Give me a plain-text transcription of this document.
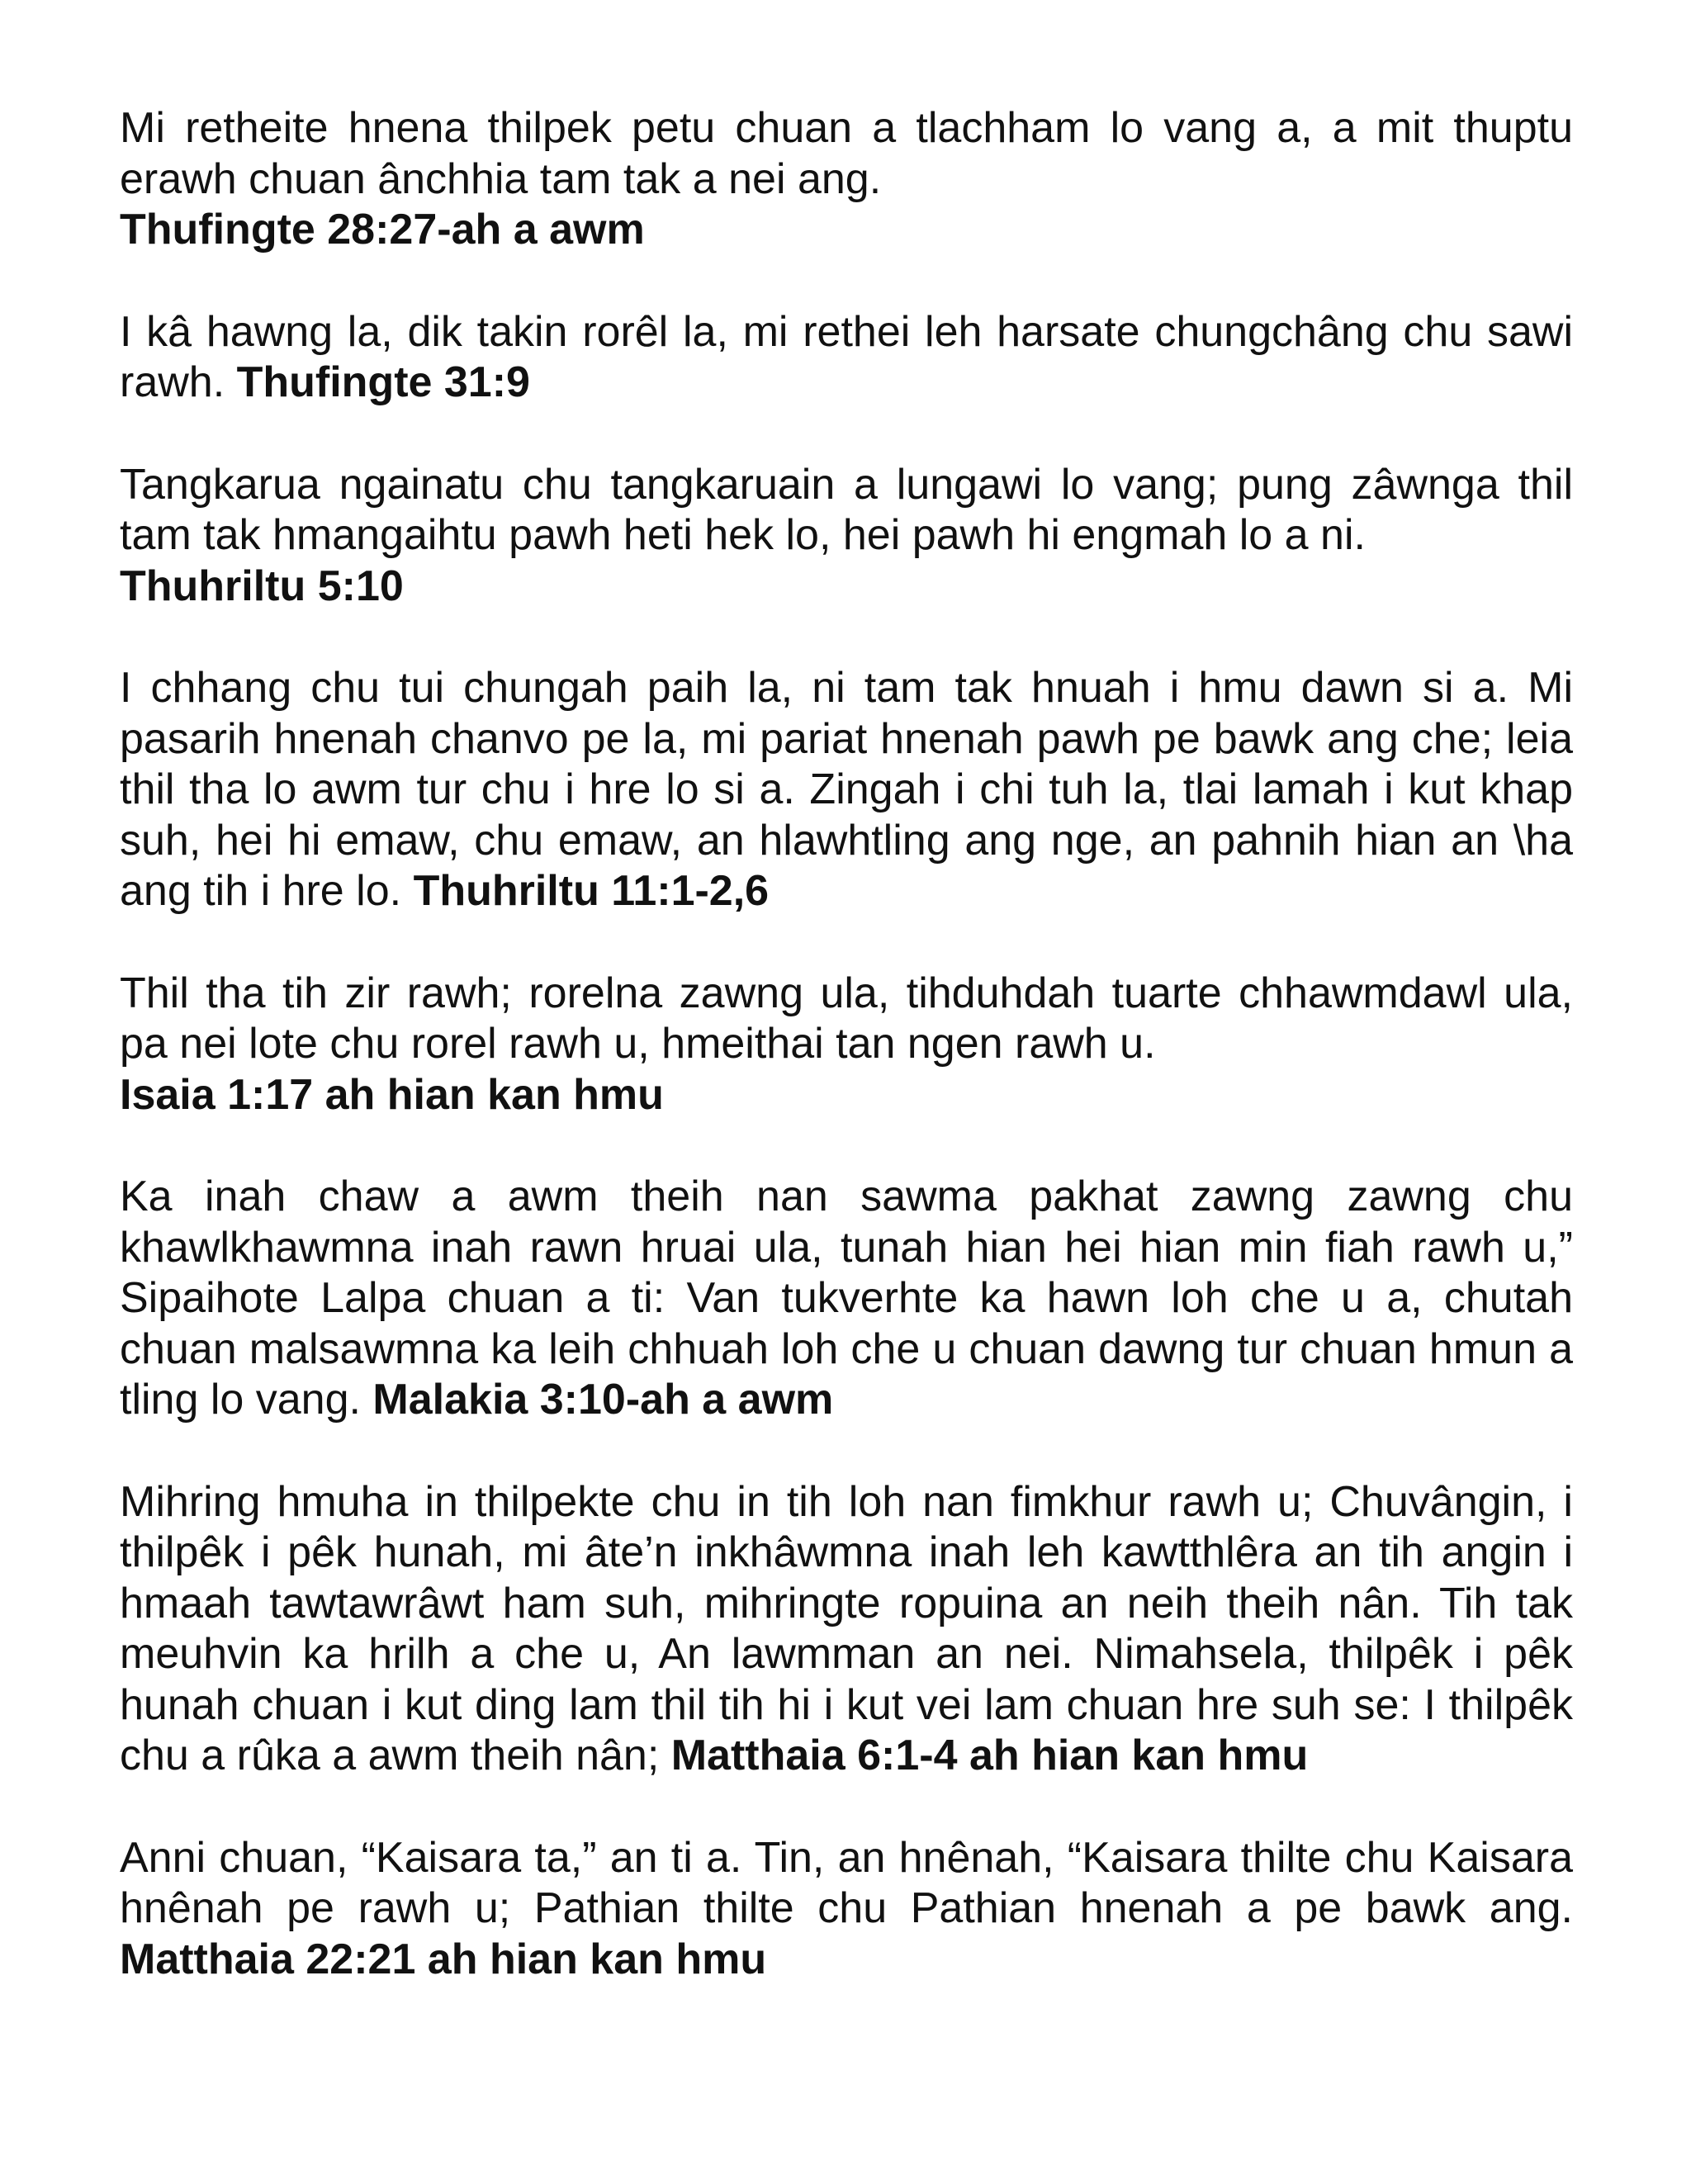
Mi retheite hnena thilpek petu chuan a tlachham lo vang a, a mit thuptu erawh chuan ânchhia tam tak a nei ang.
Thufingte 28:27-ah a awm

I kâ hawng la, dik takin rorêl la, mi rethei leh harsate chungchâng chu sawi rawh. Thufingte 31:9

Tangkarua ngainatu chu tangkaruain a lungawi lo vang; pung zâwnga thil tam tak hmangaihtu pawh heti hek lo, hei pawh hi engmah lo a ni.
Thuhriltu 5:10

I chhang chu tui chungah paih la, ni tam tak hnuah i hmu dawn si a. Mi pasarih hnenah chanvo pe la, mi pariat hnenah pawh pe bawk ang che; leia thil tha lo awm tur chu i hre lo si a. Zingah i chi tuh la, tlai lamah i kut khap suh, hei hi emaw, chu emaw, an hlawhtling ang nge, an pahnih hian an \ha ang tih i hre lo. Thuhriltu 11:1-2,6

Thil tha tih zir rawh; rorelna zawng ula, tihduhdah tuarte chhawmdawl ula, pa nei lote chu rorel rawh u, hmeithai tan ngen rawh u.
Isaia 1:17 ah hian kan hmu

Ka inah chaw a awm theih nan sawma pakhat zawng zawng chu khawlkhawmna inah rawn hruai ula, tunah hian hei hian min fiah rawh u,” Sipaihote Lalpa chuan a ti: Van tukverhte ka hawn loh che u a, chutah chuan malsawmna ka leih chhuah loh che u chuan dawng tur chuan hmun a tling lo vang. Malakia 3:10-ah a awm

Mihring hmuha in thilpekte chu in tih loh nan fimkhur rawh u; Chuvângin, i thilpêk i pêk hunah, mi âte’n inkhâwmna inah leh kawtthlêra an tih angin i hmaah tawtawrâwt ham suh, mihringte ropuina an neih theih nân. Tih tak meuhvin ka hrilh a che u, An lawmman an nei. Nimahsela, thilpêk i pêk hunah chuan i kut ding lam thil tih hi i kut vei lam chuan hre suh se: I thilpêk chu a rûka a awm theih nân; Matthaia 6:1-4 ah hian kan hmu

Anni chuan, “Kaisara ta,” an ti a. Tin, an hnênah, “Kaisara thilte chu Kaisara hnênah pe rawh u; Pathian thilte chu Pathian hnenah a pe bawk ang. Matthaia 22:21 ah hian kan hmu
